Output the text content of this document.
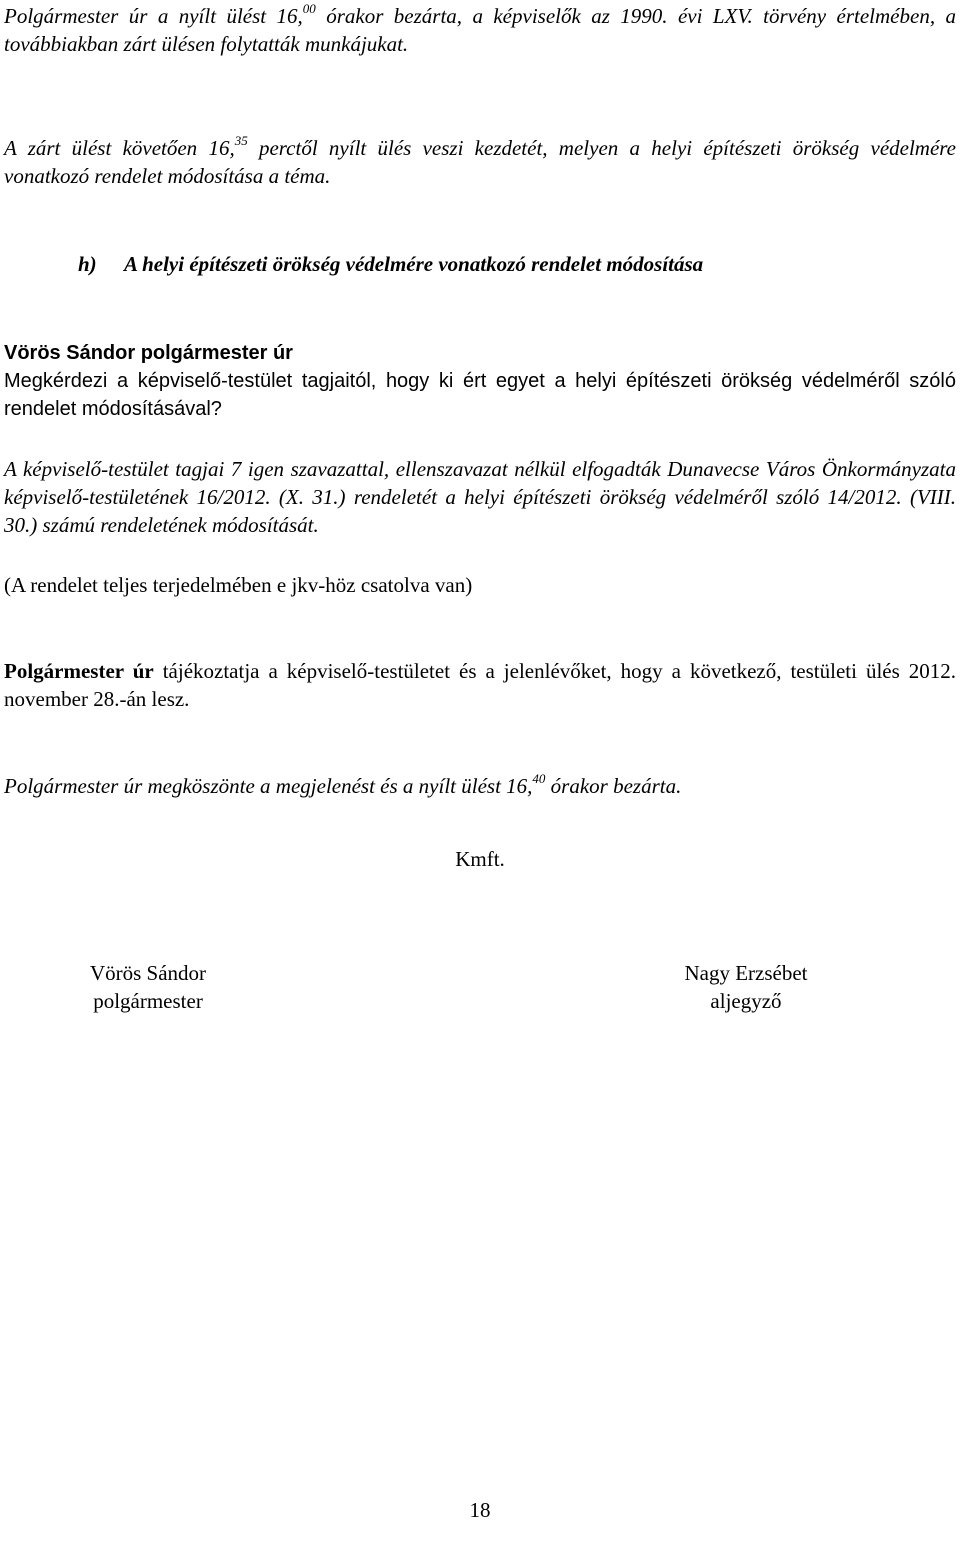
Polgármester úr a nyílt ülést 16,00 órakor bezárta, a képviselők az 1990. évi LXV. törvény értelmében, a továbbiakban zárt ülésen folytatták munkájukat.

A zárt ülést követően 16,35 perctől nyílt ülés veszi kezdetét, melyen a helyi építészeti örökség védelmére vonatkozó rendelet módosítása a téma.

h) A helyi építészeti örökség védelmére vonatkozó rendelet módosítása

Vörös Sándor polgármester úr

Megkérdezi a képviselő-testület tagjaitól, hogy ki ért egyet a helyi építészeti örökség védelméről szóló rendelet módosításával?

A képviselő-testület tagjai 7 igen szavazattal, ellenszavazat nélkül elfogadták Dunavecse Város Önkormányzata képviselő-testületének 16/2012. (X. 31.) rendeletét a helyi építészeti örökség védelméről szóló 14/2012. (VIII. 30.) számú rendeletének módosítását.

(A rendelet teljes terjedelmében e jkv-höz csatolva van)

Polgármester úr tájékoztatja a képviselő-testületet és a jelenlévőket, hogy a következő, testületi ülés 2012. november 28.-án lesz.

Polgármester úr megköszönte a megjelenést és a nyílt ülést 16,40 órakor bezárta.

Kmft.

Vörös Sándor
polgármester
Nagy Erzsébet
aljegyző

18
